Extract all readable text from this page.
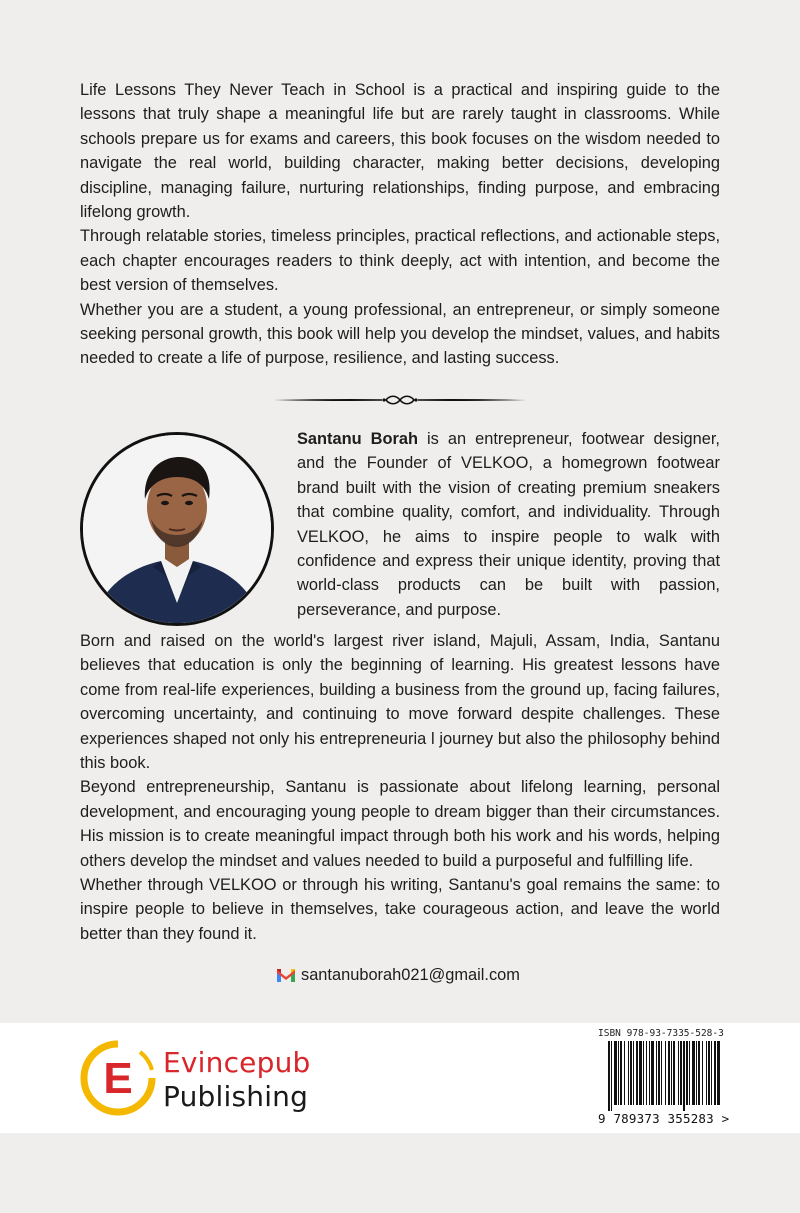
Life Lessons They Never Teach in School is a practical and inspiring guide to the lessons that truly shape a meaningful life but are rarely taught in classrooms. While schools prepare us for exams and careers, this book focuses on the wisdom needed to navigate the real world, building character, making better decisions, developing discipline, managing failure, nurturing relationships, finding purpose, and embracing lifelong growth.

Through relatable stories, timeless principles, practical reflections, and actionable steps, each chapter encourages readers to think deeply, act with intention, and become the best version of themselves.

Whether you are a student, a young professional, an entrepreneur, or simply someone seeking personal growth, this book will help you develop the mindset, values, and habits needed to create a life of purpose, resilience, and lasting success.

Santanu Borah is an entrepreneur, footwear designer, and the Founder of VELKOO, a homegrown footwear brand built with the vision of creating premium sneakers that combine quality, comfort, and individuality. Through VELKOO, he aims to inspire people to walk with confidence and express their unique identity, proving that world-class products can be built with passion, perseverance, and purpose.

Born and raised on the world's largest river island, Majuli, Assam, India, Santanu believes that education is only the beginning of learning. His greatest lessons have come from real-life experiences, building a business from the ground up, facing failures, overcoming uncertainty, and continuing to move forward despite challenges. These experiences shaped not only his entrepreneuria l journey but also the philosophy behind this book.

Beyond entrepreneurship, Santanu is passionate about lifelong learning, personal development, and encouraging young people to dream bigger than their circumstances. His mission is to create meaningful impact through both his work and his words, helping others develop the mindset and values needed to build a purposeful and fulfilling life.

Whether through VELKOO or through his writing, Santanu's goal remains the same: to inspire people to believe in themselves, take courageous action, and leave the world better than they found it.

santanuborah021@gmail.com
E Evincepub
Publishing
ISBN 978-93-7335-528-3
9 789373 355283 >
